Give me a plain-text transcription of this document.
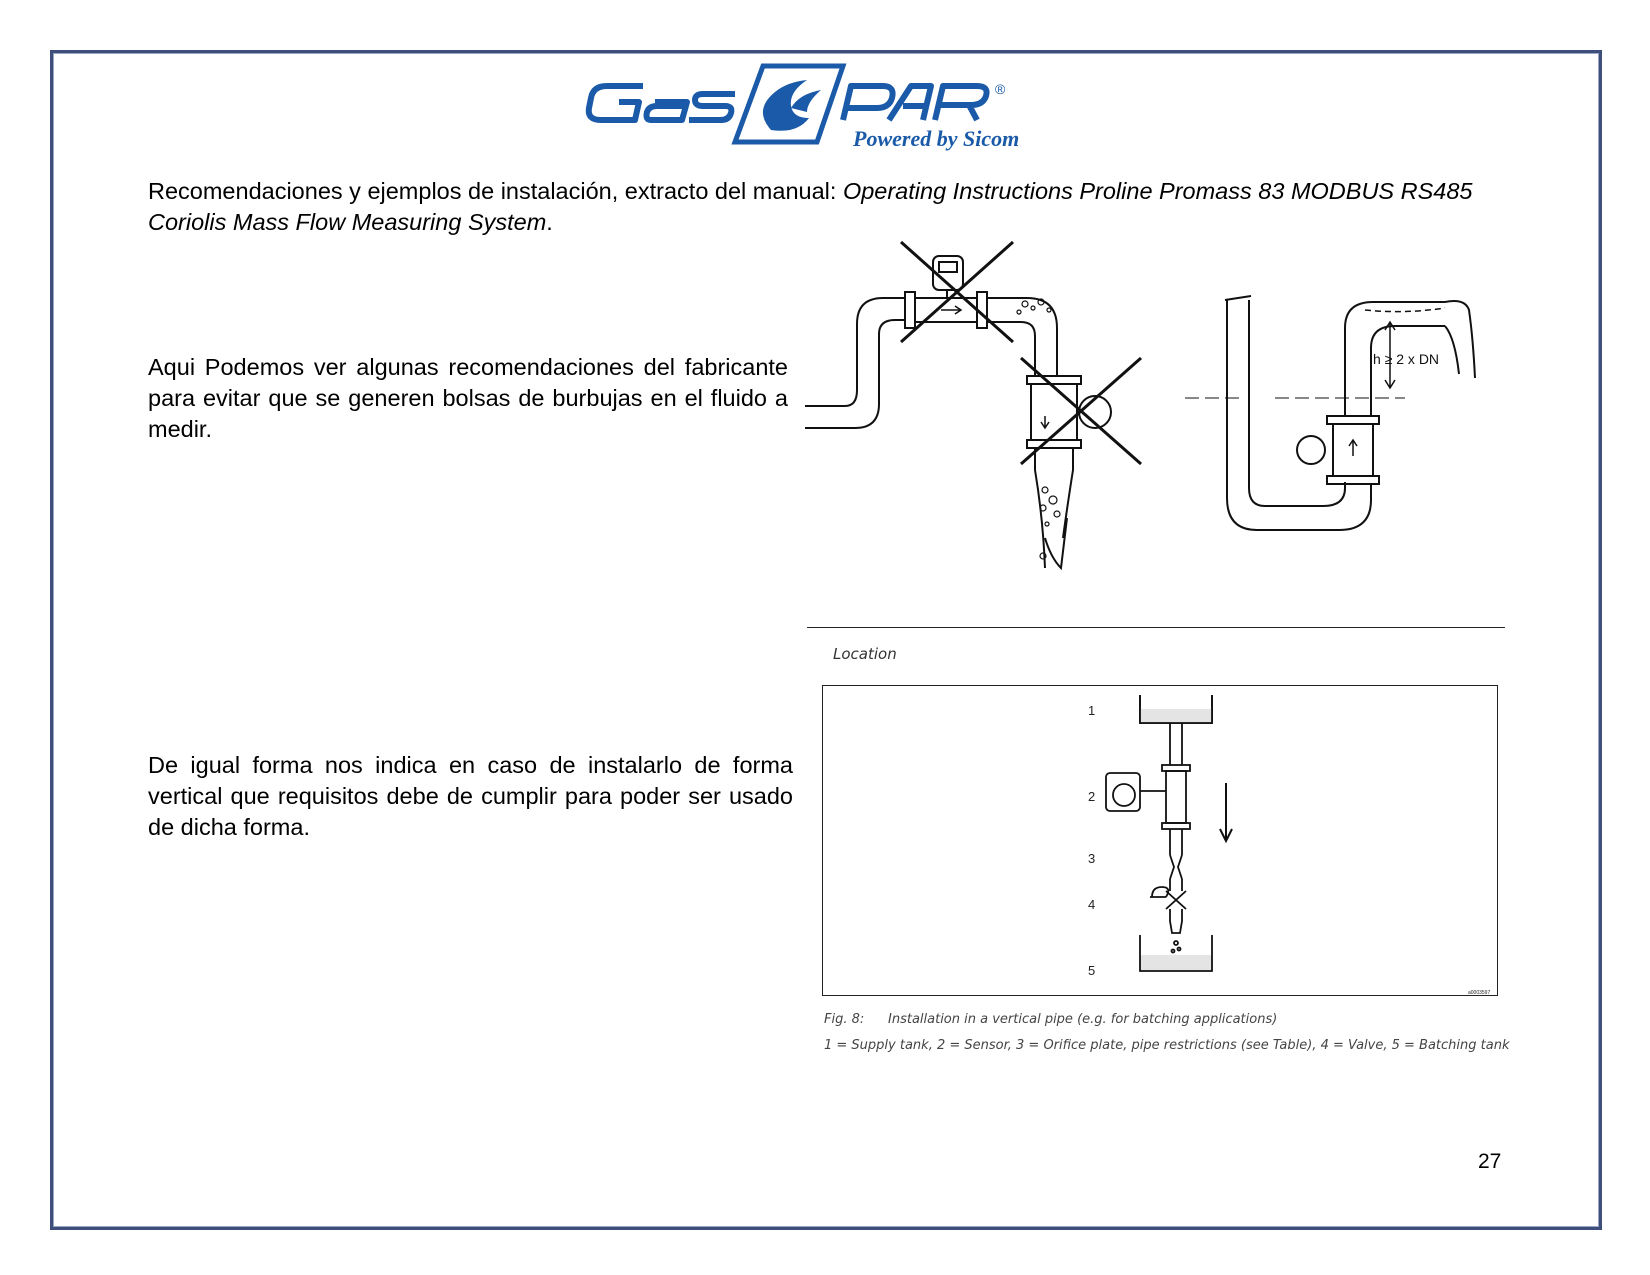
®
Powered by Sicom
Recomendaciones y ejemplos de instalación, extracto del manual: Operating Instructions Proline Promass 83 MODBUS RS485 Coriolis Mass Flow Measuring System.
Aqui Podemos ver algunas recomendaciones del fabricante para evitar que se generen bolsas de burbujas en el fluido a medir.
De igual forma nos indica en caso de instalarlo de forma vertical que requisitos debe de cumplir para poder ser usado de dicha forma.
h ≥ 2 x DN
Location
1
2
3
4
5
a0003597
Fig. 8: Installation in a vertical pipe (e.g. for batching applications)
1 = Supply tank, 2 = Sensor, 3 = Orifice plate, pipe restrictions (see Table), 4 = Valve, 5 = Batching tank
27
